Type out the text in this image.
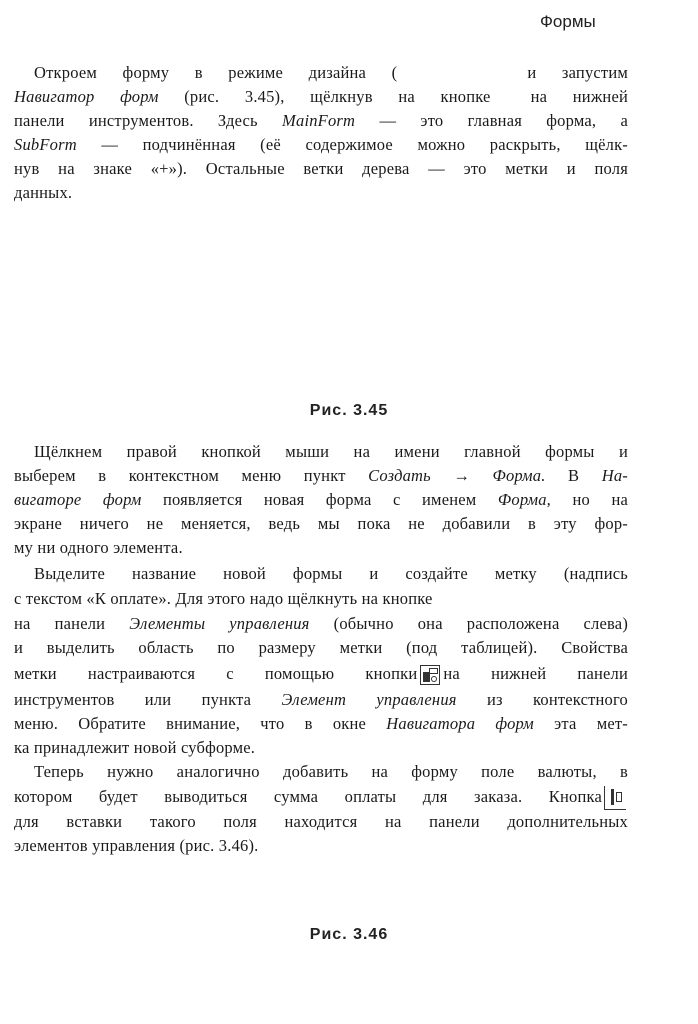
Формы
Откроем форму в режиме дизайна (	и запустим
Навигатор форм (рис. 3.45), щёлкнув на кнопке на нижней
панели инструментов. Здесь MainForm — это главная форма, а
SubForm — подчинённая (её содержимое можно раскрыть, щёлк-
нув на знаке «+»). Остальные ветки дерева — это метки и поля
данных.
Рис. 3.45
Щёлкнем правой кнопкой мыши на имени главной формы и
выберем в контекстном меню пункт Создать → Форма. В На-
вигаторе форм появляется новая форма с именем Форма, но на
экране ничего не меняется, ведь мы пока не добавили в эту фор-
му ни одного элемента.
Выделите название новой формы и создайте метку (надпись
с текстом «К оплате». Для этого надо щёлкнуть на кнопке
на панели Элементы управления (обычно она расположена слева)
и выделить область по размеру метки (под таблицей). Свойства
метки настраиваются с помощью кнопки на нижней панели
инструментов или пункта Элемент управления из контекстного
меню. Обратите внимание, что в окне Навигатора форм эта мет-
ка принадлежит новой субформе.
Теперь нужно аналогично добавить на форму поле валюты, в
котором будет выводиться сумма оплаты для заказа. Кнопка
для вставки такого поля находится на панели дополнительных
элементов управления (рис. 3.46).
Рис. 3.46
